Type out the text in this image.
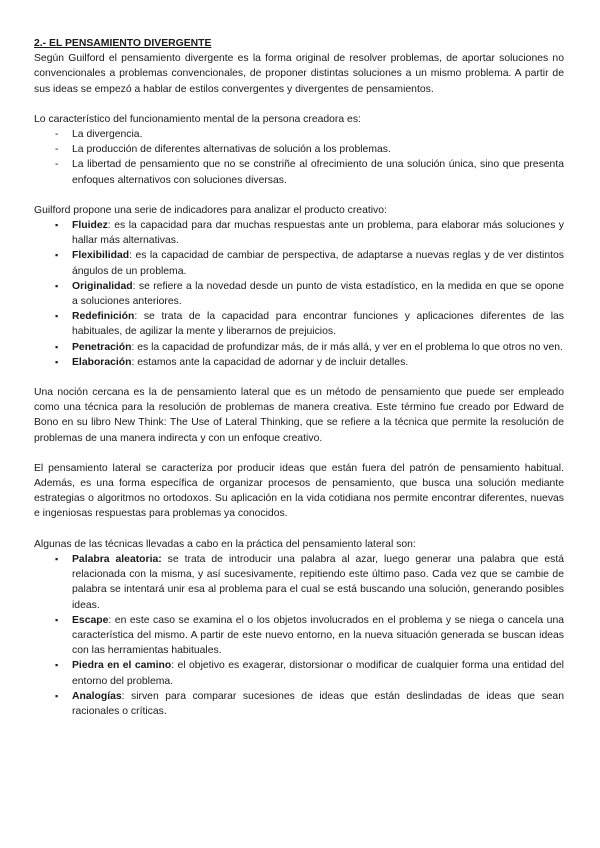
2.- EL PENSAMIENTO DIVERGENTE

Según Guilford el pensamiento divergente es la forma original de resolver problemas, de aportar soluciones no convencionales a problemas convencionales, de proponer distintas soluciones a un mismo problema. A partir de sus ideas se empezó a hablar de estilos convergentes y divergentes de pensamientos.

Lo característico del funcionamiento mental de la persona creadora es:

- La divergencia.
- La producción de diferentes alternativas de solución a los problemas.
- La libertad de pensamiento que no se constriñe al ofrecimiento de una solución única, sino que presenta enfoques alternativos con soluciones diversas.

Guilford propone una serie de indicadores para analizar el producto creativo:

▪ Fluidez: es la capacidad para dar muchas respuestas ante un problema, para elaborar más soluciones y hallar más alternativas.
▪ Flexibilidad: es la capacidad de cambiar de perspectiva, de adaptarse a nuevas reglas y de ver distintos ángulos de un problema.
▪ Originalidad: se refiere a la novedad desde un punto de vista estadístico, en la medida en que se opone a soluciones anteriores.
▪ Redefinición: se trata de la capacidad para encontrar funciones y aplicaciones diferentes de las habituales, de agilizar la mente y liberarnos de prejuicios.
▪ Penetración: es la capacidad de profundizar más, de ir más allá, y ver en el problema lo que otros no ven.
▪ Elaboración: estamos ante la capacidad de adornar y de incluir detalles.

Una noción cercana es la de pensamiento lateral que es un método de pensamiento que puede ser empleado como una técnica para la resolución de problemas de manera creativa. Este término fue creado por Edward de Bono en su libro New Think: The Use of Lateral Thinking, que se refiere a la técnica que permite la resolución de problemas de una manera indirecta y con un enfoque creativo.

El pensamiento lateral se caracteriza por producir ideas que están fuera del patrón de pensamiento habitual. Además, es una forma específica de organizar procesos de pensamiento, que busca una solución mediante estrategias o algoritmos no ortodoxos. Su aplicación en la vida cotidiana nos permite encontrar diferentes, nuevas e ingeniosas respuestas para problemas ya conocidos.

Algunas de las técnicas llevadas a cabo en la práctica del pensamiento lateral son:

▪ Palabra aleatoria: se trata de introducir una palabra al azar, luego generar una palabra que está relacionada con la misma, y así sucesivamente, repitiendo este último paso. Cada vez que se cambie de palabra se intentará unir esa al problema para el cual se está buscando una solución, generando posibles ideas.
▪ Escape: en este caso se examina el o los objetos involucrados en el problema y se niega o cancela una característica del mismo. A partir de este nuevo entorno, en la nueva situación generada se buscan ideas con las herramientas habituales.
▪ Piedra en el camino: el objetivo es exagerar, distorsionar o modificar de cualquier forma una entidad del entorno del problema.
▪ Analogías: sirven para comparar sucesiones de ideas que están deslindadas de ideas que sean racionales o críticas.
